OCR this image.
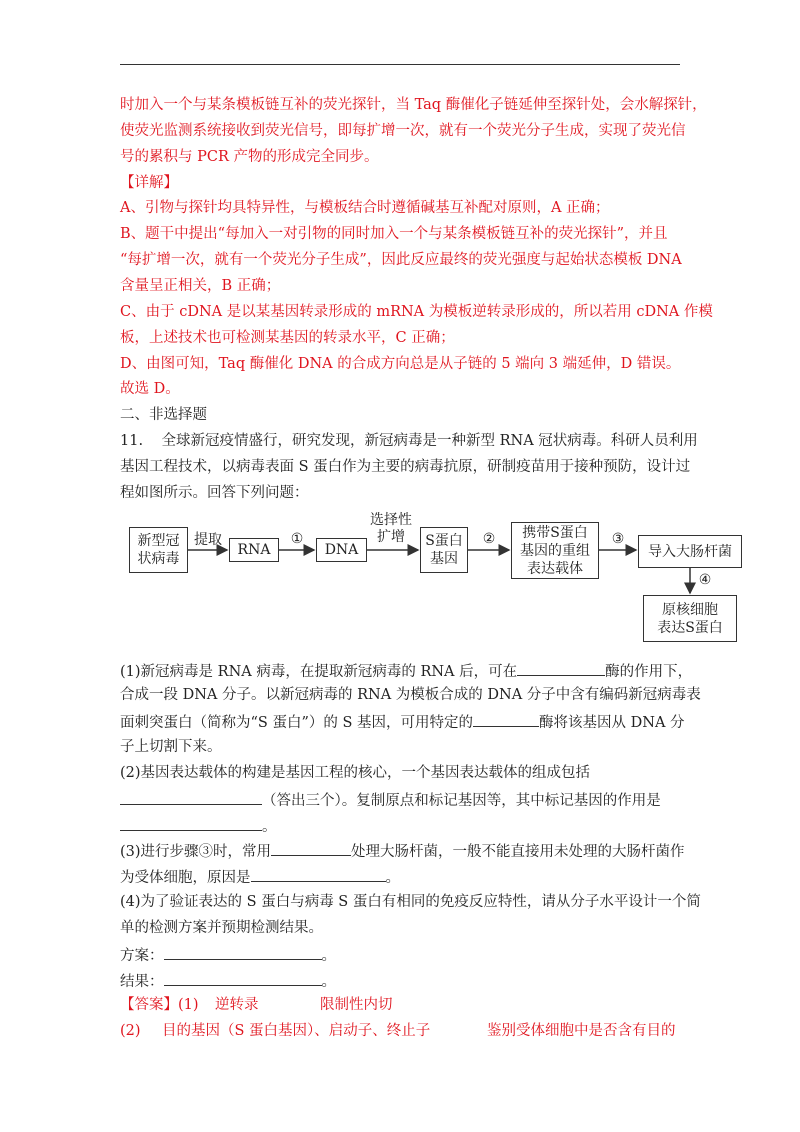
时加入一个与某条模板链互补的荧光探针，当 Taq 酶催化子链延伸至探针处，会水解探针，
使荧光监测系统接收到荧光信号，即每扩增一次，就有一个荧光分子生成，实现了荧光信
号的累积与 PCR 产物的形成完全同步。
【详解】
A、引物与探针均具特异性，与模板结合时遵循碱基互补配对原则，A 正确；
B、题干中提出“每加入一对引物的同时加入一个与某条模板链互补的荧光探针”，并且
“每扩增一次，就有一个荧光分子生成”，因此反应最终的荧光强度与起始状态模板 DNA
含量呈正相关，B 正确；
C、由于 cDNA 是以某基因转录形成的 mRNA 为模板逆转录形成的，所以若用 cDNA 作模
板，上述技术也可检测某基因的转录水平，C 正确；
D、由图可知，Taq 酶催化 DNA 的合成方向总是从子链的 5 端向 3 端延伸，D 错误。
故选 D。
二、非选择题
11.    全球新冠疫情盛行，研究发现，新冠病毒是一种新型 RNA 冠状病毒。科研人员利用
基因工程技术，以病毒表面 S 蛋白作为主要的病毒抗原，研制疫苗用于接种预防，设计过
程如图所示。回答下列问题：
新型冠
状病毒
RNA	DNA
S蛋白
基因
携带S蛋白
基因的重组
表达载体
导入大肠杆菌
原核细胞
表达S蛋白
提取	①
选择性
扩增	②	③
④
(1)新冠病毒是 RNA 病毒，在提取新冠病毒的 RNA 后，可在	酶的作用下，
合成一段 DNA 分子。以新冠病毒的 RNA 为模板合成的 DNA 分子中含有编码新冠病毒表
面刺突蛋白（简称为“S 蛋白”）的 S 基因，可用特定的	酶将该基因从 DNA 分
子上切割下来。
(2)基因表达载体的构建是基因工程的核心，一个基因表达载体的组成包括
（答出三个）。复制原点和标记基因等，其中标记基因的作用是
。
(3)进行步骤③时，常用	处理大肠杆菌，一般不能直接用未处理的大肠杆菌作
为受体细胞，原因是	。
(4)为了验证表达的 S 蛋白与病毒 S 蛋白有相同的免疫反应特性，请从分子水平设计一个简
单的检测方案并预期检测结果。
方案：	。
结果：	。
【答案】 (1) 逆转录	限制性内切
(2) 目的基因（S 蛋白基因）、启动子、终止子	鉴别受体细胞中是否含有目的
